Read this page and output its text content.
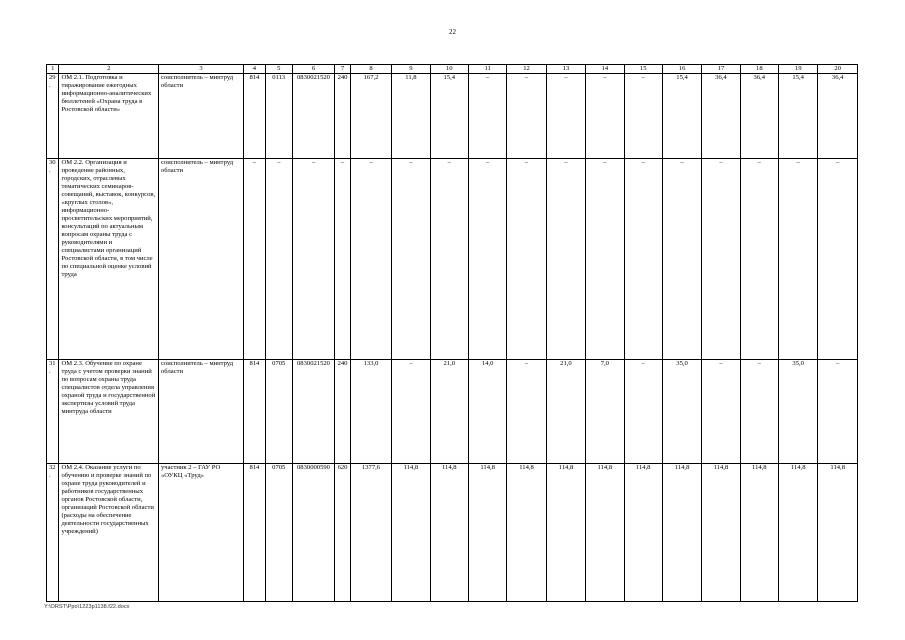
22
1	2	3	4	5	6	7	8	9	10	11	12	13	14	15	16	17	18	19	20
29.	ОМ 2.1. Подготовка и тиражирование ежегодных информационно-аналитических бюллетеней «Охрана труда в Ростовской области»	соисполнитель – минтруд области	814	0113	0830021520	240	167,2	11,8	15,4	–	–	–	–	–	15,4	36,4	36,4	15,4	36,4
30.	ОМ 2.2. Организация и проведение районных, городских, отраслевых тематических семинаров-совещаний, выставок, конкурсов, «круглых столов», информационно-просветительских мероприятий, консультаций по актуальным вопросам охраны труда с руководителями и специалистами организаций Ростовской области, в том числе по специальной оценке условий труда	соисполнитель – минтруд области	–	–	–	–	–	–	–	–	–	–	–	–	–	–	–	–	–
31.	ОМ 2.3. Обучение по охране труда с учетом проверки знаний по вопросам охраны труда специалистов отдела управления охраной труда и государственной экспертизы условий труда минтруда области	соисполнитель – минтруд области	814	0705	0830021520	240	133,0	–	21,0	14,0	–	21,0	7,0	–	35,0	–	–	35,0	–
32.	ОМ 2.4. Оказание услуги по обучению и проверке знаний по охране труда руководителей и работников государственных органов Ростовской области, организаций Ростовской области (расходы на обеспечение деятельности государственных учреждений)	участник 2 – ГАУ РО «ОУКЦ «Труд»	814	0705	0830000590	620	1377,6	114,8	114,8	114,8	114,8	114,8	114,8	114,8	114,8	114,8	114,8	114,8	114,8
Y:\ORST\Ppo\1223p1138.f22.docx
